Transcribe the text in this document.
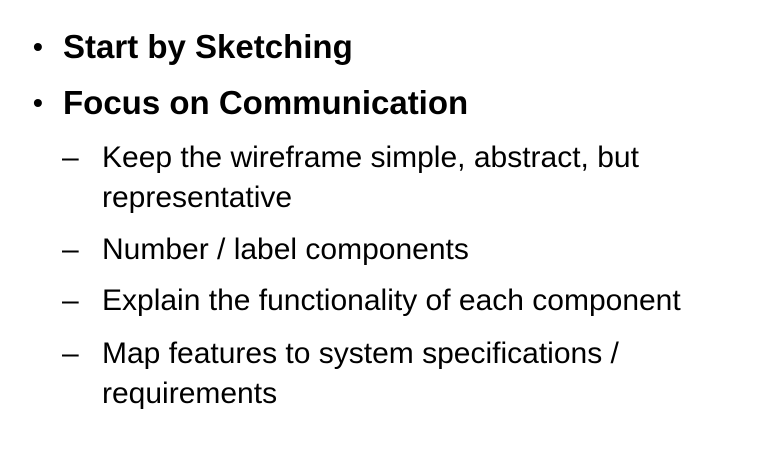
• Start by Sketching
• Focus on Communication
– Keep the wireframe simple, abstract, but representative
– Number / label components
– Explain the functionality of each component
– Map features to system specifications / requirements
